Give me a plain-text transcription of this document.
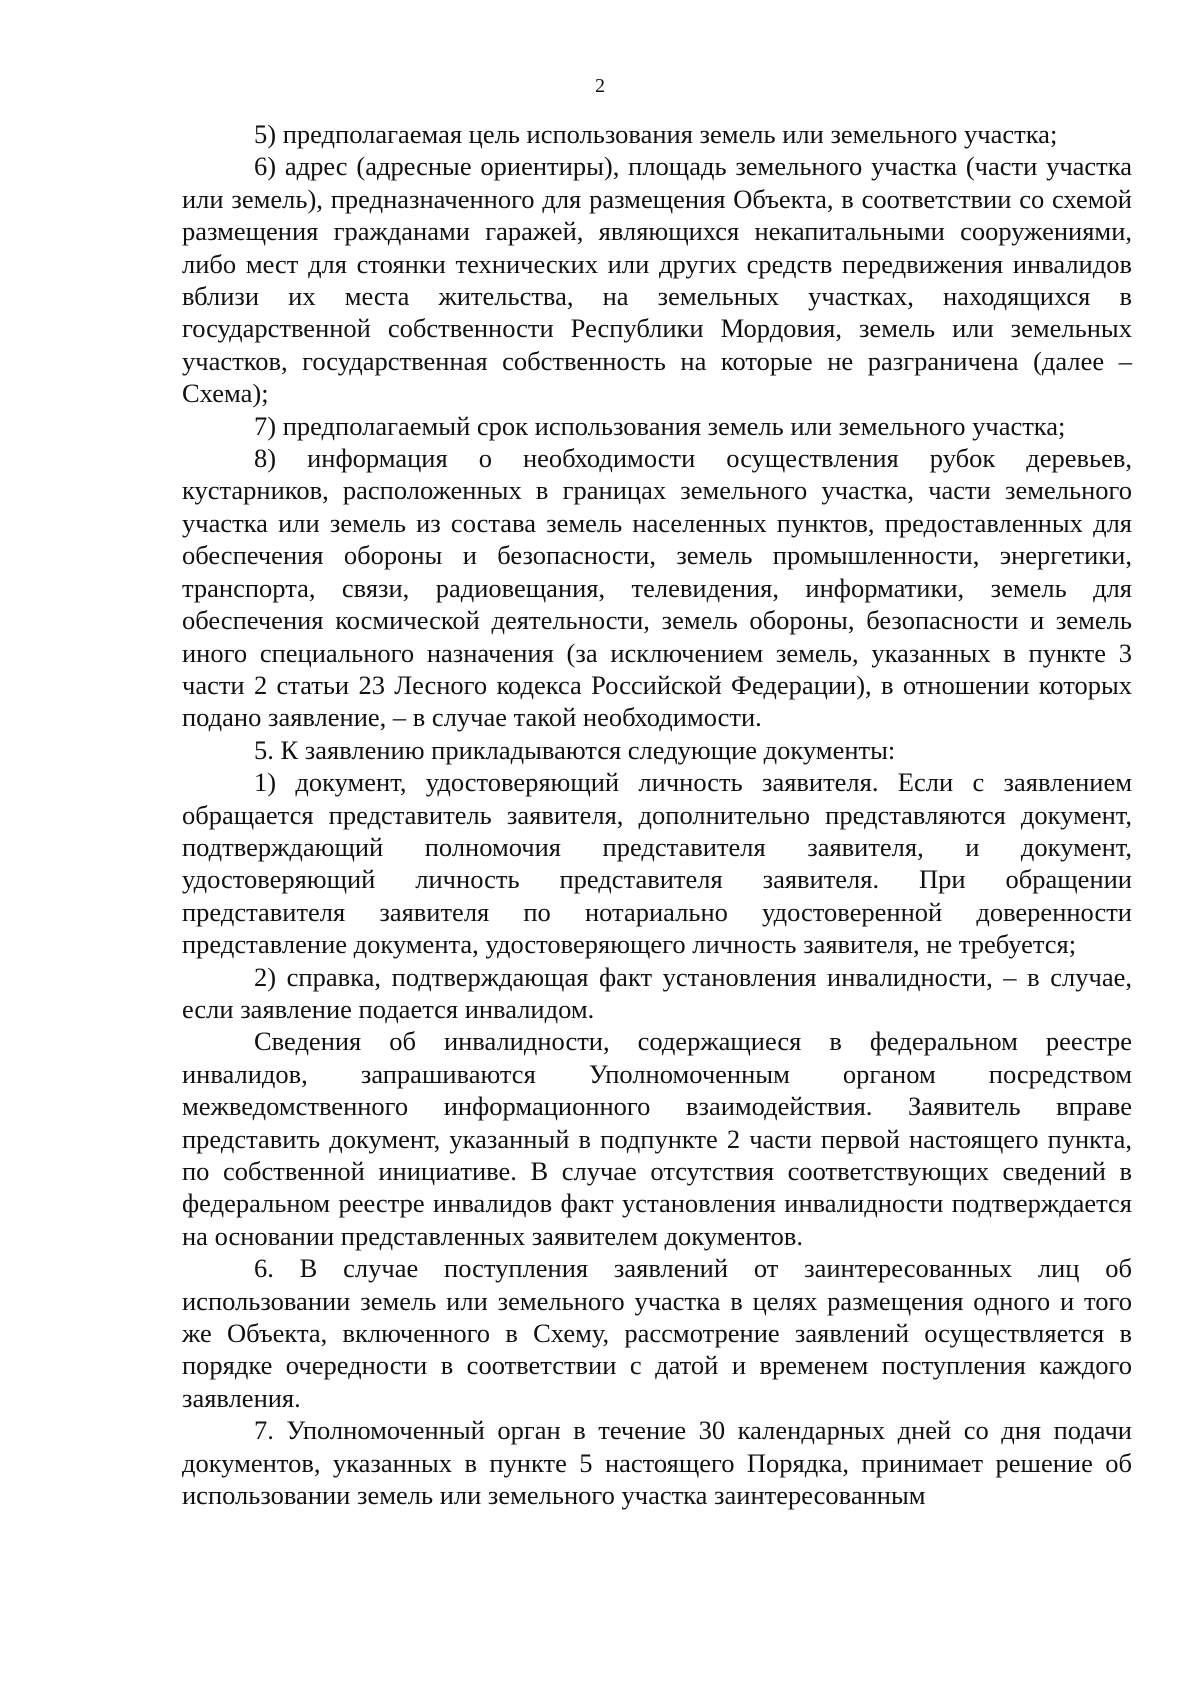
2

5) предполагаемая цель использования земель или земельного участка;

6) адрес (адресные ориентиры), площадь земельного участка (части участка или земель), предназначенного для размещения Объекта, в соответствии со схемой размещения гражданами гаражей, являющихся некапитальными сооружениями, либо мест для стоянки технических или других средств передвижения инвалидов вблизи их места жительства, на земельных участках, находящихся в государственной собственности Республики Мордовия, земель или земельных участков, государственная собственность на которые не разграничена (далее – Схема);

7) предполагаемый срок использования земель или земельного участка;

8) информация о необходимости осуществления рубок деревьев, кустарников, расположенных в границах земельного участка, части земельного участка или земель из состава земель населенных пунктов, предоставленных для обеспечения обороны и безопасности, земель промышленности, энергетики, транспорта, связи, радиовещания, телевидения, информатики, земель для обеспечения космической деятельности, земель обороны, безопасности и земель иного специального назначения (за исключением земель, указанных в пункте 3 части 2 статьи 23 Лесного кодекса Российской Федерации), в отношении которых подано заявление, – в случае такой необходимости.

5. К заявлению прикладываются следующие документы:

1) документ, удостоверяющий личность заявителя. Если с заявлением обращается представитель заявителя, дополнительно представляются документ, подтверждающий полномочия представителя заявителя, и документ, удостоверяющий личность представителя заявителя. При обращении представителя заявителя по нотариально удостоверенной доверенности представление документа, удостоверяющего личность заявителя, не требуется;

2) справка, подтверждающая факт установления инвалидности, – в случае, если заявление подается инвалидом.

Сведения об инвалидности, содержащиеся в федеральном реестре инвалидов, запрашиваются Уполномоченным органом посредством межведомственного информационного взаимодействия. Заявитель вправе представить документ, указанный в подпункте 2 части первой настоящего пункта, по собственной инициативе. В случае отсутствия соответствующих сведений в федеральном реестре инвалидов факт установления инвалидности подтверждается на основании представленных заявителем документов.

6. В случае поступления заявлений от заинтересованных лиц об использовании земель или земельного участка в целях размещения одного и того же Объекта, включенного в Схему, рассмотрение заявлений осуществляется в порядке очередности в соответствии с датой и временем поступления каждого заявления.

7. Уполномоченный орган в течение 30 календарных дней со дня подачи документов, указанных в пункте 5 настоящего Порядка, принимает решение об использовании земель или земельного участка заинтересованным
